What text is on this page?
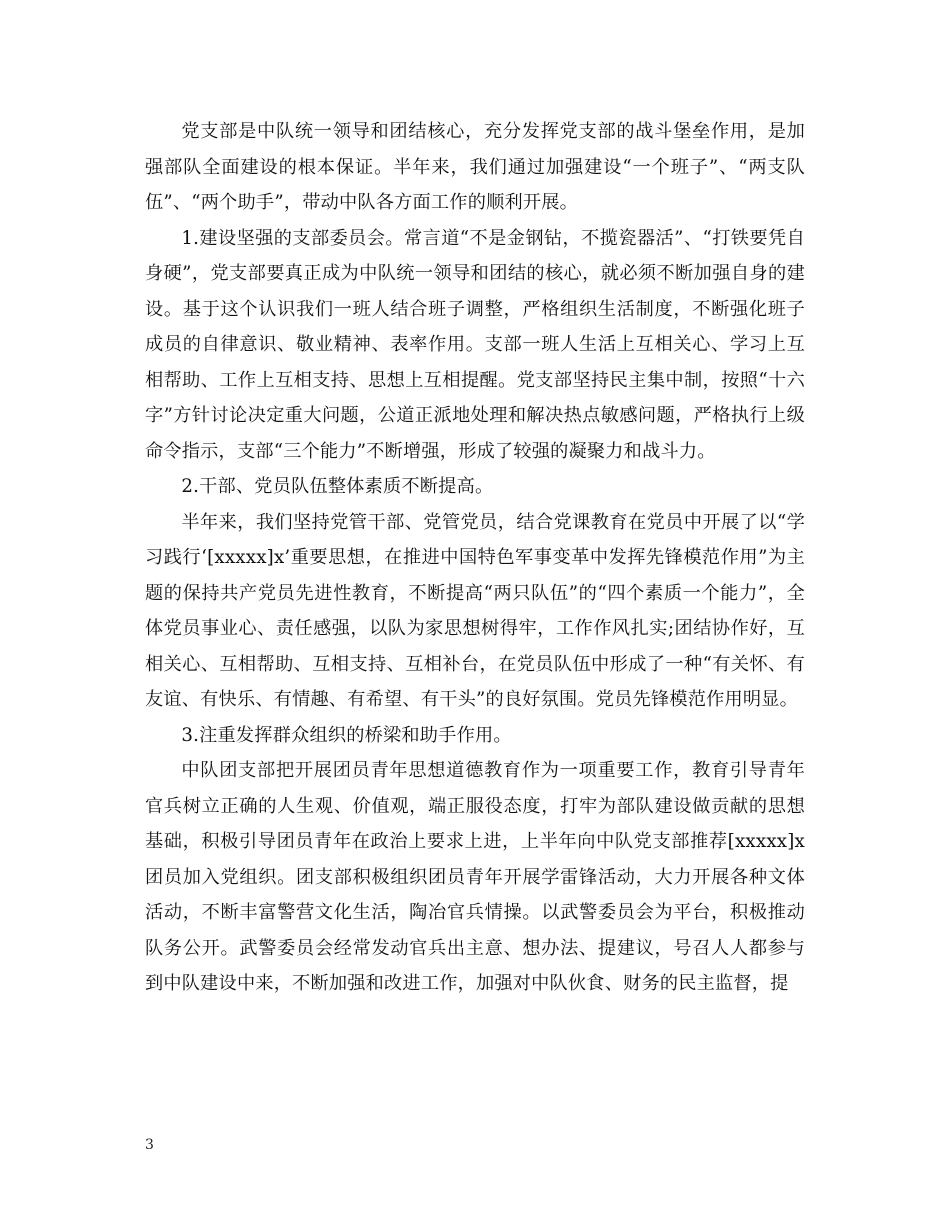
党支部是中队统一领导和团结核心，充分发挥党支部的战斗堡垒作用，是加强部队全面建设的根本保证。半年来，我们通过加强建设“一个班子”、“两支队伍”、“两个助手”，带动中队各方面工作的顺利开展。

1.建设坚强的支部委员会。常言道“不是金钢钻，不揽瓷器活”、“打铁要凭自身硬”，党支部要真正成为中队统一领导和团结的核心，就必须不断加强自身的建设。基于这个认识我们一班人结合班子调整，严格组织生活制度，不断强化班子成员的自律意识、敬业精神、表率作用。支部一班人生活上互相关心、学习上互相帮助、工作上互相支持、思想上互相提醒。党支部坚持民主集中制，按照“十六字”方针讨论决定重大问题，公道正派地处理和解决热点敏感问题，严格执行上级命令指示，支部“三个能力”不断增强，形成了较强的凝聚力和战斗力。

2.干部、党员队伍整体素质不断提高。

半年来，我们坚持党管干部、党管党员，结合党课教育在党员中开展了以“学习践行‘[xxxxx]x’重要思想，在推进中国特色军事变革中发挥先锋模范作用”为主题的保持共产党员先进性教育，不断提高“两只队伍”的“四个素质一个能力”，全体党员事业心、责任感强，以队为家思想树得牢，工作作风扎实;团结协作好，互相关心、互相帮助、互相支持、互相补台，在党员队伍中形成了一种“有关怀、有友谊、有快乐、有情趣、有希望、有干头”的良好氛围。党员先锋模范作用明显。

3.注重发挥群众组织的桥梁和助手作用。

中队团支部把开展团员青年思想道德教育作为一项重要工作，教育引导青年官兵树立正确的人生观、价值观，端正服役态度，打牢为部队建设做贡献的思想基础，积极引导团员青年在政治上要求上进，上半年向中队党支部推荐[xxxxx]x团员加入党组织。团支部积极组织团员青年开展学雷锋活动，大力开展各种文体活动，不断丰富警营文化生活，陶冶官兵情操。以武警委员会为平台，积极推动队务公开。武警委员会经常发动官兵出主意、想办法、提建议，号召人人都参与到中队建设中来，不断加强和改进工作，加强对中队伙食、财务的民主监督，提

3
